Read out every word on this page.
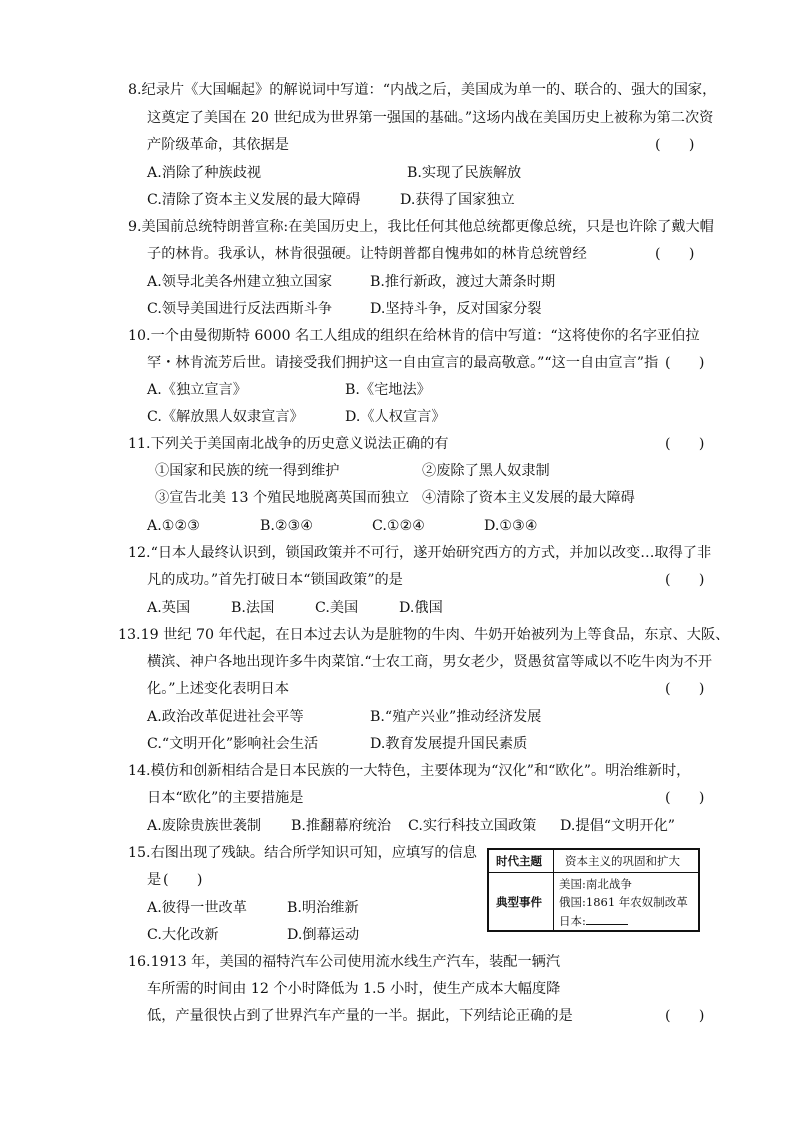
8.纪录片《大国崛起》的解说词中写道：“内战之后，美国成为单一的、联合的、强大的国家，
这奠定了美国在 20 世纪成为世界第一强国的基础。”这场内战在美国历史上被称为第二次资
产阶级革命，其依据是	(　　)
A.消除了种族歧视	B.实现了民族解放
C.清除了资本主义发展的最大障碍	D.获得了国家独立
9.美国前总统特朗普宣称:在美国历史上，我比任何其他总统都更像总统，只是也许除了戴大帽
子的林肯。我承认，林肯很强硬。让特朗普都自愧弗如的林肯总统曾经	(　　)
A.领导北美各州建立独立国家	B.推行新政，渡过大萧条时期
C.领导美国进行反法西斯斗争	D.坚持斗争，反对国家分裂
10.一个由曼彻斯特 6000 名工人组成的组织在给林肯的信中写道：“这将使你的名字亚伯拉
罕・林肯流芳后世。请接受我们拥护这一自由宣言的最高敬意。”“这一自由宣言”指 (　　)
A.《独立宣言》	B.《宅地法》
C.《解放黑人奴隶宣言》	D.《人权宣言》
11.下列关于美国南北战争的历史意义说法正确的有	(　　)
①国家和民族的统一得到维护	②废除了黑人奴隶制
③宣告北美 13 个殖民地脱离英国而独立 ④清除了资本主义发展的最大障碍
A.①②③	B.②③④	C.①②④	D.①③④
12.“日本人最终认识到，锁国政策并不可行，遂开始研究西方的方式，并加以改变…取得了非
凡的成功。”首先打破日本“锁国政策”的是	(　　)
A.英国	B.法国	C.美国	D.俄国
13.19 世纪 70 年代起，在日本过去认为是脏物的牛肉、牛奶开始被列为上等食品，东京、大阪、
横滨、神户各地出现许多牛肉菜馆.“士农工商，男女老少，贤愚贫富等咸以不吃牛肉为不开
化。”上述变化表明日本	(　　)
A.政治改革促进社会平等	B.“殖产兴业”推动经济发展
C.“文明开化”影响社会生活	D.教育发展提升国民素质
14.模仿和创新相结合是日本民族的一大特色，主要体现为“汉化”和“欧化”。明治维新时，
日本“欧化”的主要措施是	(　　)
A.废除贵族世袭制 B.推翻幕府统治 C.实行科技立国政策 D.提倡“文明开化”
15.右图出现了残缺。结合所学知识可知，应填写的信息
是 (　　)
A.彼得一世改革	B.明治维新
C.大化改新	D.倒幕运动
时代主题 资本主义的巩固和扩大
典型事件
美国:南北战争
俄国:1861 年农奴制改革
日本:
16.1913 年，美国的福特汽车公司使用流水线生产汽车，装配一辆汽
车所需的时间由 12 个小时降低为 1.5 小时，使生产成本大幅度降
低，产量很快占到了世界汽车产量的一半。据此，下列结论正确的是	(　　)
